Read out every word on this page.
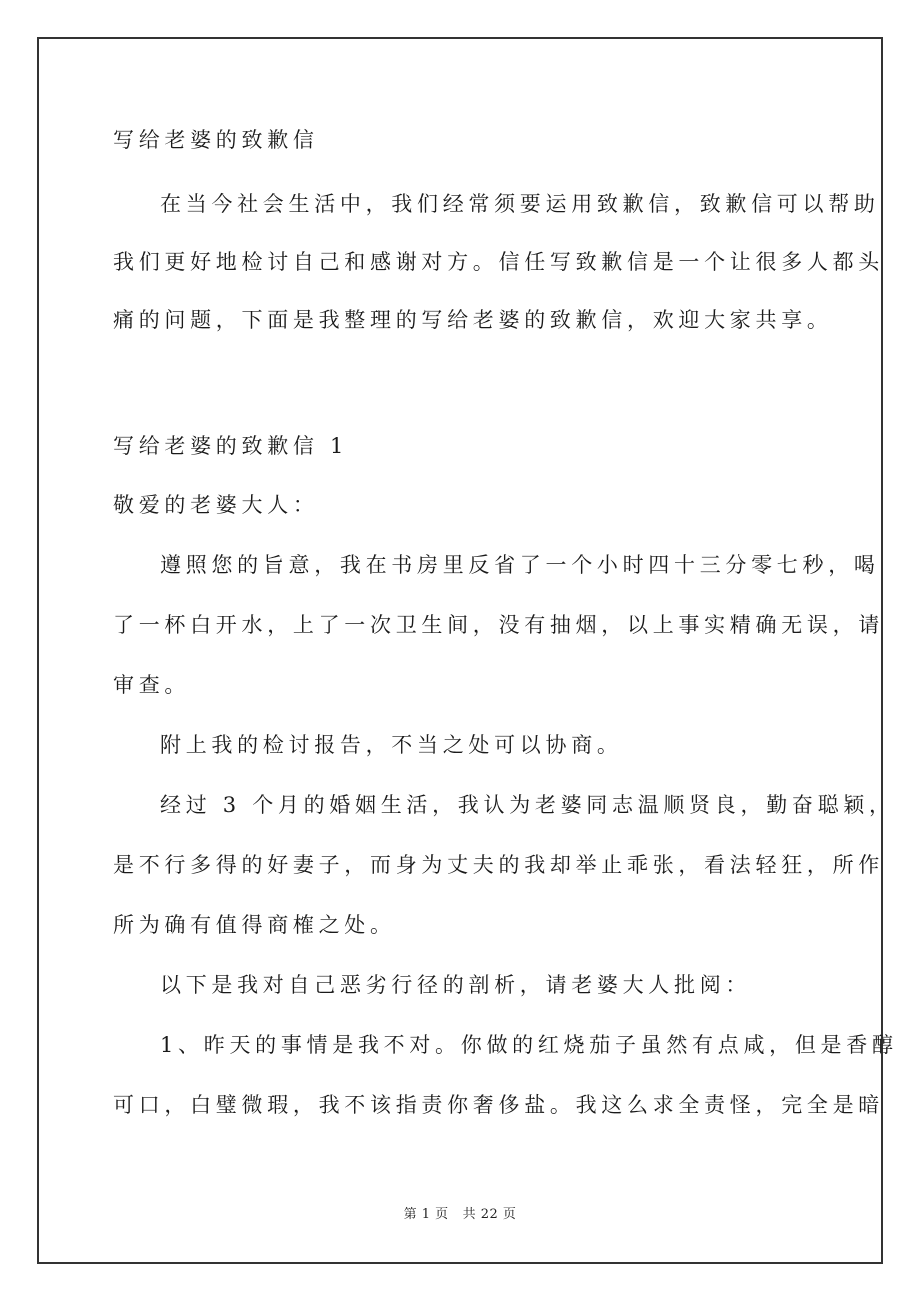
写给老婆的致歉信
在当今社会生活中，我们经常须要运用致歉信，致歉信可以帮助
我们更好地检讨自己和感谢对方。信任写致歉信是一个让很多人都头
痛的问题，下面是我整理的写给老婆的致歉信，欢迎大家共享。
写给老婆的致歉信 1
敬爱的老婆大人：
遵照您的旨意，我在书房里反省了一个小时四十三分零七秒，喝
了一杯白开水，上了一次卫生间，没有抽烟，以上事实精确无误，请
审查。
附上我的检讨报告，不当之处可以协商。
经过 3 个月的婚姻生活，我认为老婆同志温顺贤良，勤奋聪颖，
是不行多得的好妻子，而身为丈夫的我却举止乖张，看法轻狂，所作
所为确有值得商榷之处。
以下是我对自己恶劣行径的剖析，请老婆大人批阅：
1、昨天的事情是我不对。你做的红烧茄子虽然有点咸，但是香醇
可口，白璧微瑕，我不该指责你奢侈盐。我这么求全责怪，完全是暗
第 1 页 共 22 页
